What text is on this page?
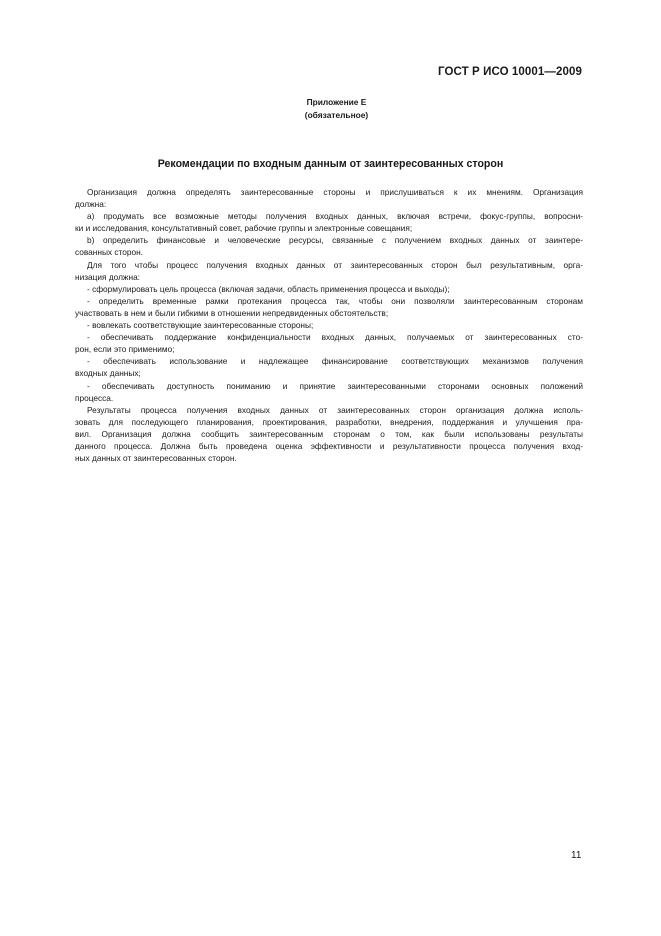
ГОСТ Р ИСО 10001—2009
Приложение E
(обязательное)
Рекомендации по входным данным от заинтересованных сторон

Организация должна определять заинтересованные стороны и прислушиваться к их мнениям. Организация

должна:

а) продумать все возможные методы получения входных данных, включая встречи, фокус-группы, вопросни-

ки и исследования, консультативный совет, рабочие группы и электронные совещания;

b) определить финансовые и человеческие ресурсы, связанные с получением входных данных от заинтере-

сованных сторон.

Для того чтобы процесс получения входных данных от заинтересованных сторон был результативным, орга-

низация должна:

- сформулировать цель процесса (включая задачи, область применения процесса и выходы);

- определить временные рамки протекания процесса так, чтобы они позволяли заинтересованным сторонам

участвовать в нем и были гибкими в отношении непредвиденных обстоятельств;

- вовлекать соответствующие заинтересованные стороны;

- обеспечивать поддержание конфиденциальности входных данных, получаемых от заинтересованных сто-

рон, если это применимо;

- обеспечивать использование и надлежащее финансирование соответствующих механизмов получения

входных данных;

- обеспечивать доступность пониманию и принятие заинтересованными сторонами основных положений

процесса.

Результаты процесса получения входных данных от заинтересованных сторон организация должна исполь-

зовать для последующего планирования, проектирования, разработки, внедрения, поддержания и улучшения пра-

вил. Организация должна сообщить заинтересованным сторонам о том, как были использованы результаты

данного процесса. Должна быть проведена оценка эффективности и результативности процесса получения вход-

ных данных от заинтересованных сторон.

11
